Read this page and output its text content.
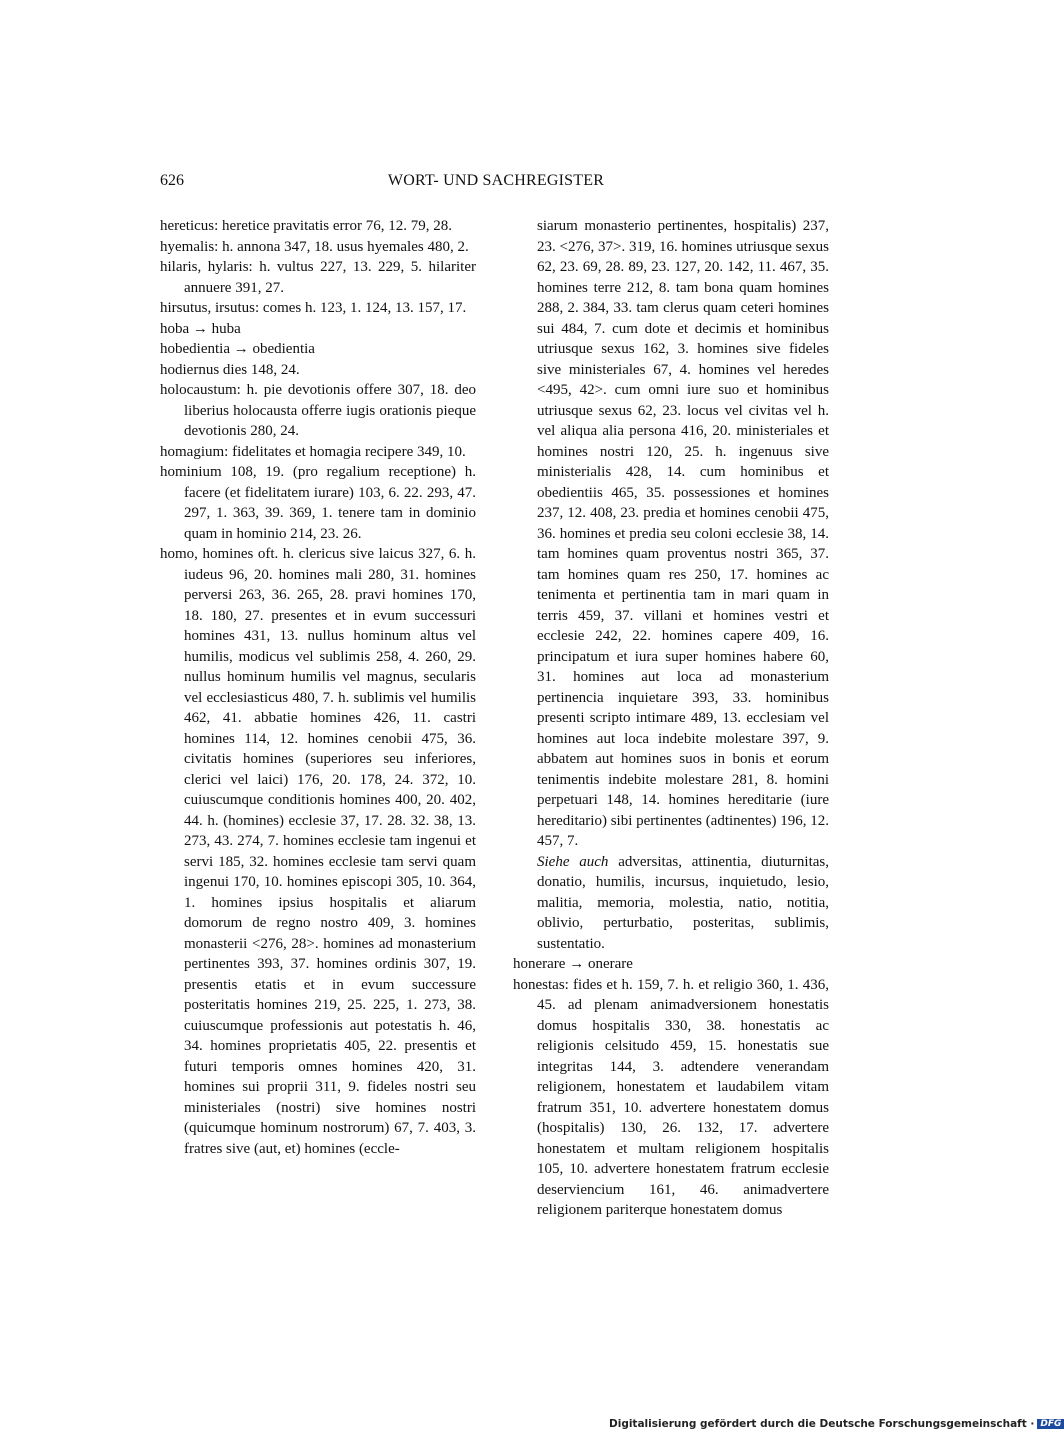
626	WORT- UND SACHREGISTER

hereticus: heretice pravitatis error 76, 12. 79, 28.

hyemalis: h. annona 347, 18. usus hyemales 480, 2.

hilaris, hylaris: h. vultus 227, 13. 229, 5. hilariter annuere 391, 27.

hirsutus, irsutus: comes h. 123, 1. 124, 13. 157, 17.

hoba → huba

hobedientia → obedientia

hodiernus dies 148, 24.

holocaustum: h. pie devotionis offere 307, 18. deo liberius holocausta offerre iugis orationis pieque devotionis 280, 24.

homagium: fidelitates et homagia recipere 349, 10.

hominium 108, 19. (pro regalium receptione) h. facere (et fidelitatem iurare) 103, 6. 22. 293, 47. 297, 1. 363, 39. 369, 1. tenere tam in dominio quam in hominio 214, 23. 26.

homo, homines oft. h. clericus sive laicus 327, 6. h. iudeus 96, 20. homines mali 280, 31. homines perversi 263, 36. 265, 28. pravi homines 170, 18. 180, 27. presentes et in evum successuri homines 431, 13. nullus hominum altus vel humilis, modicus vel sublimis 258, 4. 260, 29. nullus hominum humilis vel magnus, secularis vel ecclesiasticus 480, 7. h. sublimis vel humilis 462, 41. abbatie homines 426, 11. castri homines 114, 12. homines cenobii 475, 36. civitatis homines (superiores seu inferiores, clerici vel laici) 176, 20. 178, 24. 372, 10. cuiuscumque conditionis homines 400, 20. 402, 44. h. (homines) ecclesie 37, 17. 28. 32. 38, 13. 273, 43. 274, 7. homines ecclesie tam ingenui et servi 185, 32. homines ecclesie tam servi quam ingenui 170, 10. homines episcopi 305, 10. 364, 1. homines ipsius hospitalis et aliarum domorum de regno nostro 409, 3. homines monasterii <276, 28>. homines ad monasterium pertinentes 393, 37. homines ordinis 307, 19. presentis etatis et in evum successure posteritatis homines 219, 25. 225, 1. 273, 38. cuiuscumque professionis aut potestatis h. 46, 34. homines proprietatis 405, 22. presentis et futuri temporis omnes homines 420, 31. homines sui proprii 311, 9. fideles nostri seu ministeriales (nostri) sive homines nostri (quicumque hominum nostrorum) 67, 7. 403, 3. fratres sive (aut, et) homines (eccle-

siarum monasterio pertinentes, hospitalis) 237, 23. <276, 37>. 319, 16. homines utriusque sexus 62, 23. 69, 28. 89, 23. 127, 20. 142, 11. 467, 35. homines terre 212, 8. tam bona quam homines 288, 2. 384, 33. tam clerus quam ceteri homines sui 484, 7. cum dote et decimis et hominibus utriusque sexus 162, 3. homines sive fideles sive ministeriales 67, 4. homines vel heredes <495, 42>. cum omni iure suo et hominibus utriusque sexus 62, 23. locus vel civitas vel h. vel aliqua alia persona 416, 20. ministeriales et homines nostri 120, 25. h. ingenuus sive ministerialis 428, 14. cum hominibus et obedientiis 465, 35. possessiones et homines 237, 12. 408, 23. predia et homines cenobii 475, 36. homines et predia seu coloni ecclesie 38, 14. tam homines quam proventus nostri 365, 37. tam homines quam res 250, 17. homines ac tenimenta et pertinentia tam in mari quam in terris 459, 37. villani et homines vestri et ecclesie 242, 22. homines capere 409, 16. principatum et iura super homines habere 60, 31. homines aut loca ad monasterium pertinencia inquietare 393, 33. hominibus presenti scripto intimare 489, 13. ecclesiam vel homines aut loca indebite molestare 397, 9. abbatem aut homines suos in bonis et eorum tenimentis indebite molestare 281, 8. homini perpetuari 148, 14. homines hereditarie (iure hereditario) sibi pertinentes (adtinentes) 196, 12. 457, 7.

Siehe auch adversitas, attinentia, diuturnitas, donatio, humilis, incursus, inquietudo, lesio, malitia, memoria, molestia, natio, notitia, oblivio, perturbatio, posteritas, sublimis, sustentatio.

honerare → onerare

honestas: fides et h. 159, 7. h. et religio 360, 1. 436, 45. ad plenam animadversionem honestatis domus hospitalis 330, 38. honestatis ac religionis celsitudo 459, 15. honestatis sue integritas 144, 3. adtendere venerandam religionem, honestatem et laudabilem vitam fratrum 351, 10. advertere honestatem domus (hospitalis) 130, 26. 132, 17. advertere honestatem et multam religionem hospitalis 105, 10. advertere honestatem fratrum ecclesie deserviencium 161, 46. animadvertere religionem pariterque honestatem domus

Digitalisierung gefördert durch die Deutsche Forschungsgemeinschaft · DFG
